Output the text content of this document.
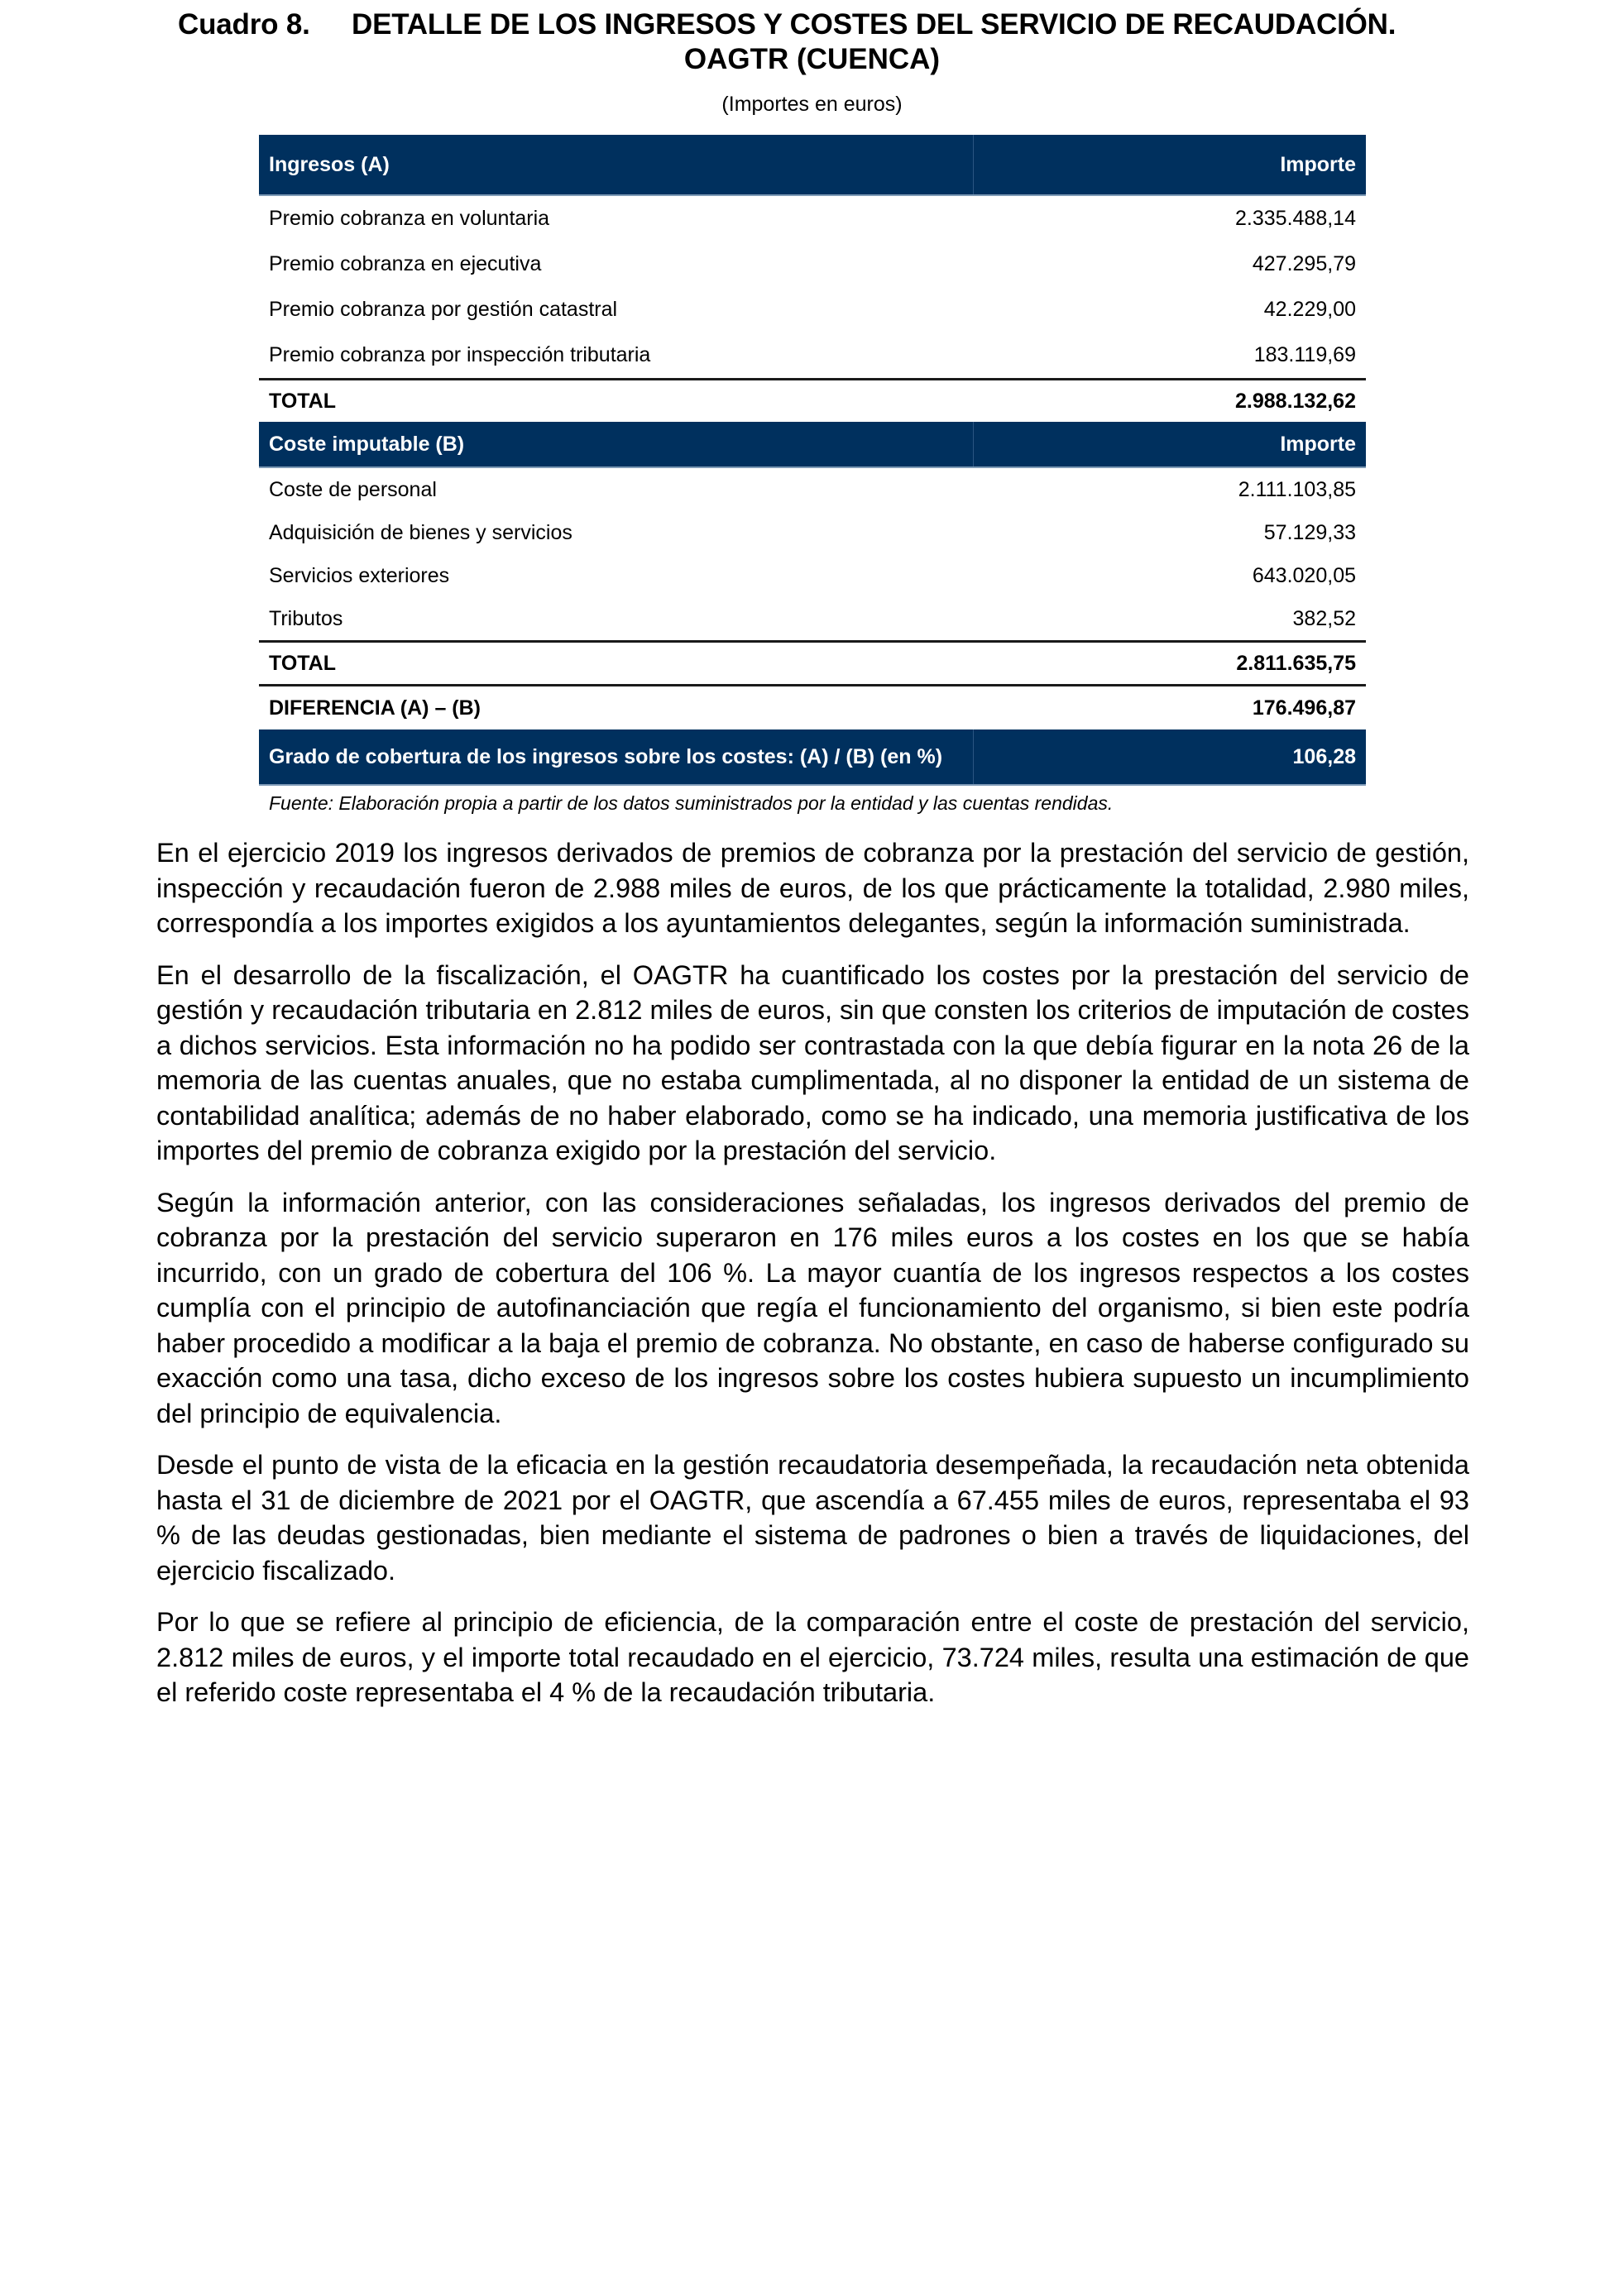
Cuadro 8. DETALLE DE LOS INGRESOS Y COSTES DEL SERVICIO DE RECAUDACIÓN.
OAGTR (CUENCA)
(Importes en euros)
Ingresos (A)	Importe
Premio cobranza en voluntaria	2.335.488,14
Premio cobranza en ejecutiva	427.295,79
Premio cobranza por gestión catastral	42.229,00
Premio cobranza por inspección tributaria	183.119,69
TOTAL	2.988.132,62
Coste imputable (B)	Importe
Coste de personal	2.111.103,85
Adquisición de bienes y servicios	57.129,33
Servicios exteriores	643.020,05
Tributos	382,52
TOTAL	2.811.635,75
DIFERENCIA (A) – (B)	176.496,87
Grado de cobertura de los ingresos sobre los costes: (A) / (B) (en %)	106,28
Fuente: Elaboración propia a partir de los datos suministrados por la entidad y las cuentas rendidas.

En el ejercicio 2019 los ingresos derivados de premios de cobranza por la prestación del servicio de gestión, inspección y recaudación fueron de 2.988 miles de euros, de los que prácticamente la totalidad, 2.980 miles, correspondía a los importes exigidos a los ayuntamientos delegantes, según la información suministrada.

En el desarrollo de la fiscalización, el OAGTR ha cuantificado los costes por la prestación del servicio de gestión y recaudación tributaria en 2.812 miles de euros, sin que consten los criterios de imputación de costes a dichos servicios. Esta información no ha podido ser contrastada con la que debía figurar en la nota 26 de la memoria de las cuentas anuales, que no estaba cumplimentada, al no disponer la entidad de un sistema de contabilidad analítica; además de no haber elaborado, como se ha indicado, una memoria justificativa de los importes del premio de cobranza exigido por la prestación del servicio.

Según la información anterior, con las consideraciones señaladas, los ingresos derivados del premio de cobranza por la prestación del servicio superaron en 176 miles euros a los costes en los que se había incurrido, con un grado de cobertura del 106 %. La mayor cuantía de los ingresos respectos a los costes cumplía con el principio de autofinanciación que regía el funcionamiento del organismo, si bien este podría haber procedido a modificar a la baja el premio de cobranza. No obstante, en caso de haberse configurado su exacción como una tasa, dicho exceso de los ingresos sobre los costes hubiera supuesto un incumplimiento del principio de equivalencia.

Desde el punto de vista de la eficacia en la gestión recaudatoria desempeñada, la recaudación neta obtenida hasta el 31 de diciembre de 2021 por el OAGTR, que ascendía a 67.455 miles de euros, representaba el 93 % de las deudas gestionadas, bien mediante el sistema de padrones o bien a través de liquidaciones, del ejercicio fiscalizado.

Por lo que se refiere al principio de eficiencia, de la comparación entre el coste de prestación del servicio, 2.812 miles de euros, y el importe total recaudado en el ejercicio, 73.724 miles, resulta una estimación de que el referido coste representaba el 4 % de la recaudación tributaria.
